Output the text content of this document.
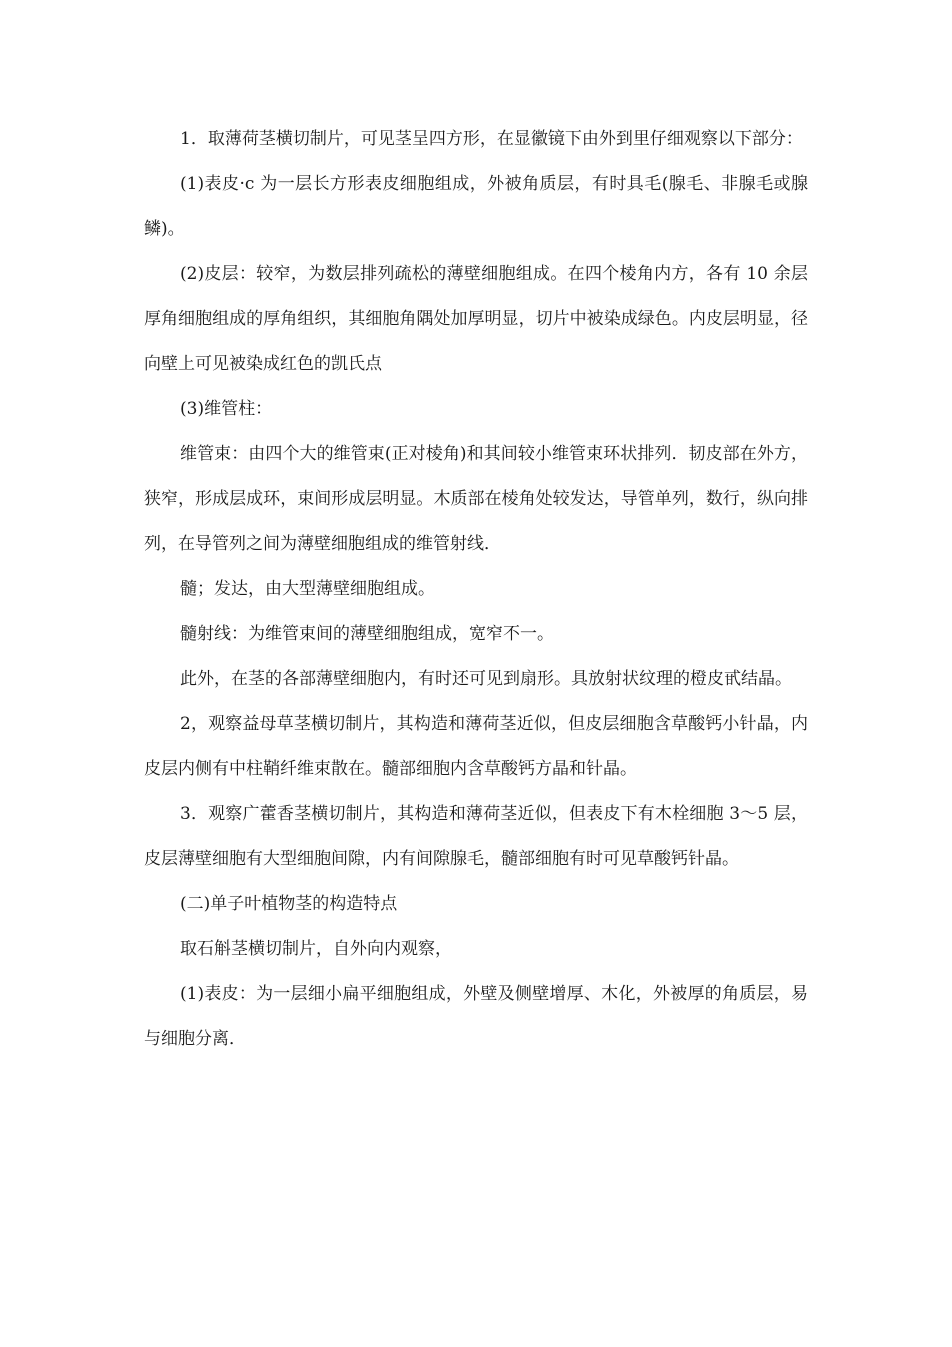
1．取薄荷茎横切制片，可见茎呈四方形，在显徽镜下由外到里仔细观察以下部分：

(1)表皮·c 为一层长方形表皮细胞组成，外被角质层，有时具毛(腺毛、非腺毛或腺鳞)。

(2)皮层：较窄，为数层排列疏松的薄壁细胞组成。在四个棱角内方，各有 10 余层厚角细胞组成的厚角组织，其细胞角隅处加厚明显，切片中被染成绿色。内皮层明显，径向壁上可见被染成红色的凯氏点

(3)维管柱：

维管束：由四个大的维管束(正对棱角)和其间较小维管束环状排列．韧皮部在外方，狭窄，形成层成环，束间形成层明显。木质部在棱角处较发达，导管单列，数行，纵向排列，在导管列之间为薄壁细胞组成的维管射线．

髓；发达，由大型薄壁细胞组成。

髓射线：为维管束间的薄壁细胞组成，宽窄不一。

此外，在茎的各部薄壁细胞内，有时还可见到扇形。具放射状纹理的橙皮甙结晶。

2，观察益母草茎横切制片，其构造和薄荷茎近似，但皮层细胞含草酸钙小针晶，内皮层内侧有中柱鞘纤维束散在。髓部细胞内含草酸钙方晶和针晶。

3．观察广藿香茎横切制片，其构造和薄荷茎近似，但表皮下有木栓细胞 3～5 层，皮层薄壁细胞有大型细胞间隙，内有间隙腺毛，髓部细胞有时可见草酸钙针晶。

(二)单子叶植物茎的构造特点

取石斛茎横切制片，自外向内观察，

(1)表皮：为一层细小扁平细胞组成，外壁及侧壁增厚、木化，外被厚的角质层，易与细胞分离．
